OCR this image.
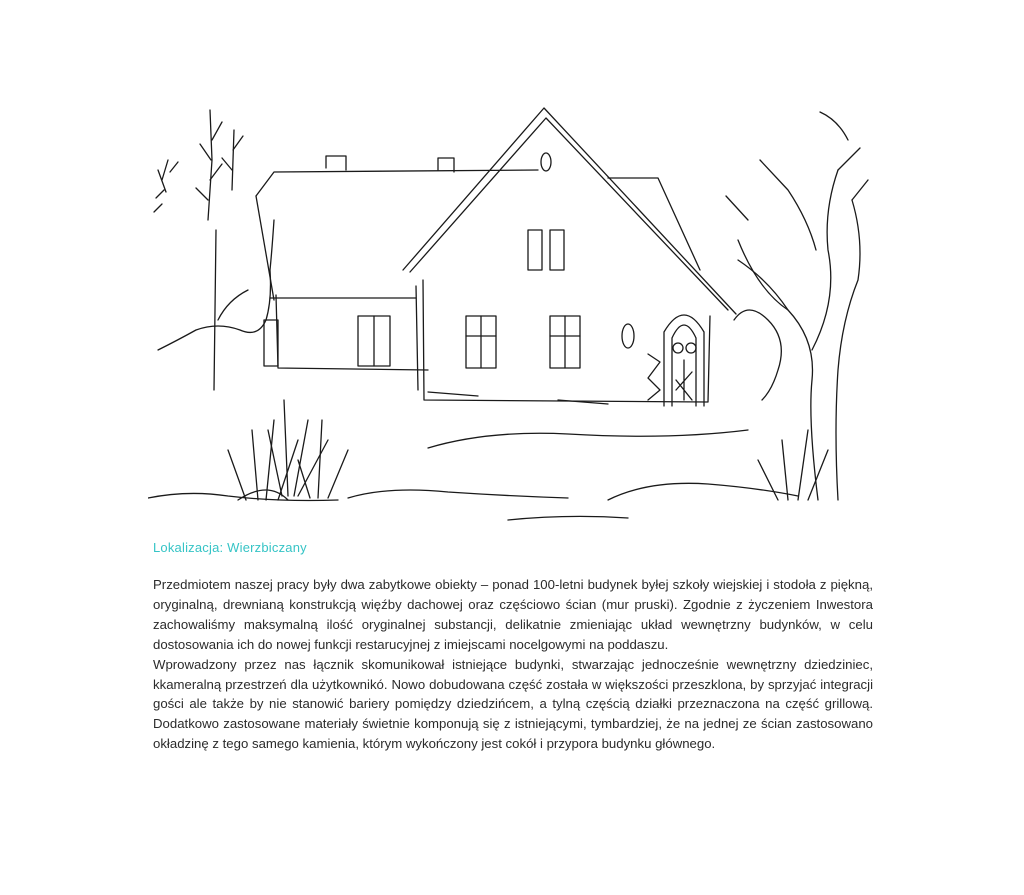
Lokalizacja: Wierzbiczany

Przedmiotem naszej pracy były dwa zabytkowe obiekty – ponad 100-letni budynek byłej szkoły wiejskiej i stodoła z piękną, oryginalną, drewnianą konstrukcją więźby dachowej oraz częściowo ścian (mur pruski). Zgodnie z życzeniem Inwestora zachowaliśmy maksymalną ilość oryginalnej substancji, delikatnie zmieniając układ wewnętrzny budynków, w celu dostosowania ich do nowej funkcji restarucyjnej z imiejscami nocelgowymi na poddaszu.

Wprowadzony przez nas łącznik skomunikował istniejące budynki, stwarzając jednocześnie wewnętrzny dziedziniec, kkameralną przestrzeń dla użytkownikó. Nowo dobudowana część została w większości przeszklona, by sprzyjać integracji gości ale także by nie stanowić bariery pomiędzy dziedzińcem, a tylną częścią działki przeznaczona na część grillową. Dodatkowo zastosowane materiały świetnie komponują się z istniejącymi, tymbardziej, że na jednej ze ścian zastosowano okładzinę z tego samego kamienia, którym wykończony jest cokół i przypora budynku głównego.
